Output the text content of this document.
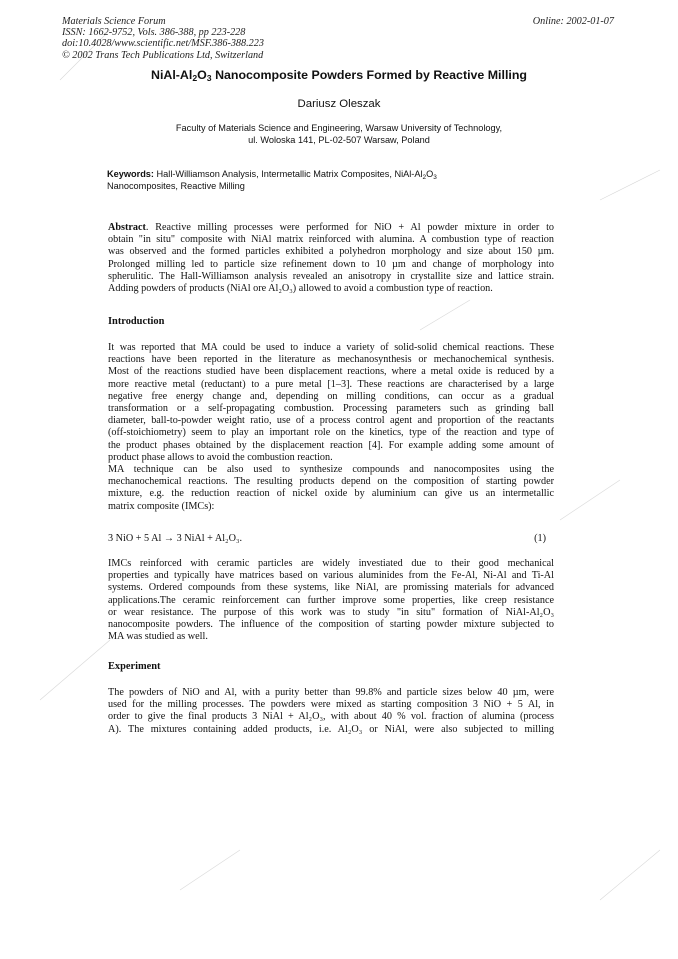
Materials Science Forum
ISSN: 1662-9752, Vols. 386-388, pp 223-228
doi:10.4028/www.scientific.net/MSF.386-388.223
© 2002 Trans Tech Publications Ltd, Switzerland
Online: 2002-01-07
NiAl-$Al_2O_3$ Nanocomposite Powders Formed by Reactive Milling
Dariusz Oleszak
Faculty of Materials Science and Engineering, Warsaw University of Technology,
ul. Woloska 141, PL-02-507 Warsaw, Poland
Keywords: Hall-Williamson Analysis, Intermetallic Matrix Composites, NiAl-$Al_2O_3$
Nanocomposites, Reactive Milling
Abstract. Reactive milling processes were performed for NiO + Al powder mixture in order to
obtain "in situ" composite with NiAl matrix reinforced with alumina. A combustion type of reaction
was observed and the formed particles exhibited a polyhedron morphology and size about 150 µm.
Prolonged milling led to particle size refinement down to 10 µm and change of morphology into
spherulitic. The Hall-Williamson analysis revealed an anisotropy in crystallite size and lattice strain.
Adding powders of products (NiAl ore Al₂O₃) allowed to avoid a combustion type of reaction.
Introduction
It was reported that MA could be used to induce a variety of solid-solid chemical reactions. These
reactions have been reported in the literature as mechanosynthesis or mechanochemical synthesis.
Most of the reactions studied have been displacement reactions, where a metal oxide is reduced by a
more reactive metal (reductant) to a pure metal [1–3]. These reactions are characterised by a large
negative free energy change and, depending on milling conditions, can occur as a gradual
transformation or a self-propagating combustion. Processing parameters such as grinding ball
diameter, ball-to-powder weight ratio, use of a process control agent and proportion of the reactants
(off-stoichiometry) seem to play an important role on the kinetics, type of the reaction and type of
the product phases obtained by the displacement reaction [4]. For example adding some amount of
product phase allows to avoid the combustion reaction.
MA technique can be also used to synthesize compounds and nanocomposites using the
mechanochemical reactions. The resulting products depend on the composition of starting powder
mixture, e.g. the reduction reaction of nickel oxide by aluminium can give us an intermetallic
matrix composite (IMCs):
3 NiO + 5 Al → 3 NiAl + Al₂O₃.	(1)
IMCs reinforced with ceramic particles are widely investiated due to their good mechanical
properties and typically have matrices based on various aluminides from the Fe-Al, Ni-Al and Ti-Al
systems. Ordered compounds from these systems, like NiAl, are promissing materials for advanced
applications.The ceramic reinforcement can further improve some properties, like creep resistance
or wear resistance. The purpose of this work was to study "in situ" formation of NiAl-Al₂O₃
nanocomposite powders. The influence of the composition of starting powder mixture subjected to
MA was studied as well.
Experiment
The powders of NiO and Al, with a purity better than 99.8% and particle sizes below 40 µm, were
used for the milling processes. The powders were mixed as starting composition 3 NiO + 5 Al, in
order to give the final products 3 NiAl + Al₂O₃, with about 40 % vol. fraction of alumina (process
A). The mixtures containing added products, i.e. Al₂O₃ or NiAl, were also subjected to milling
